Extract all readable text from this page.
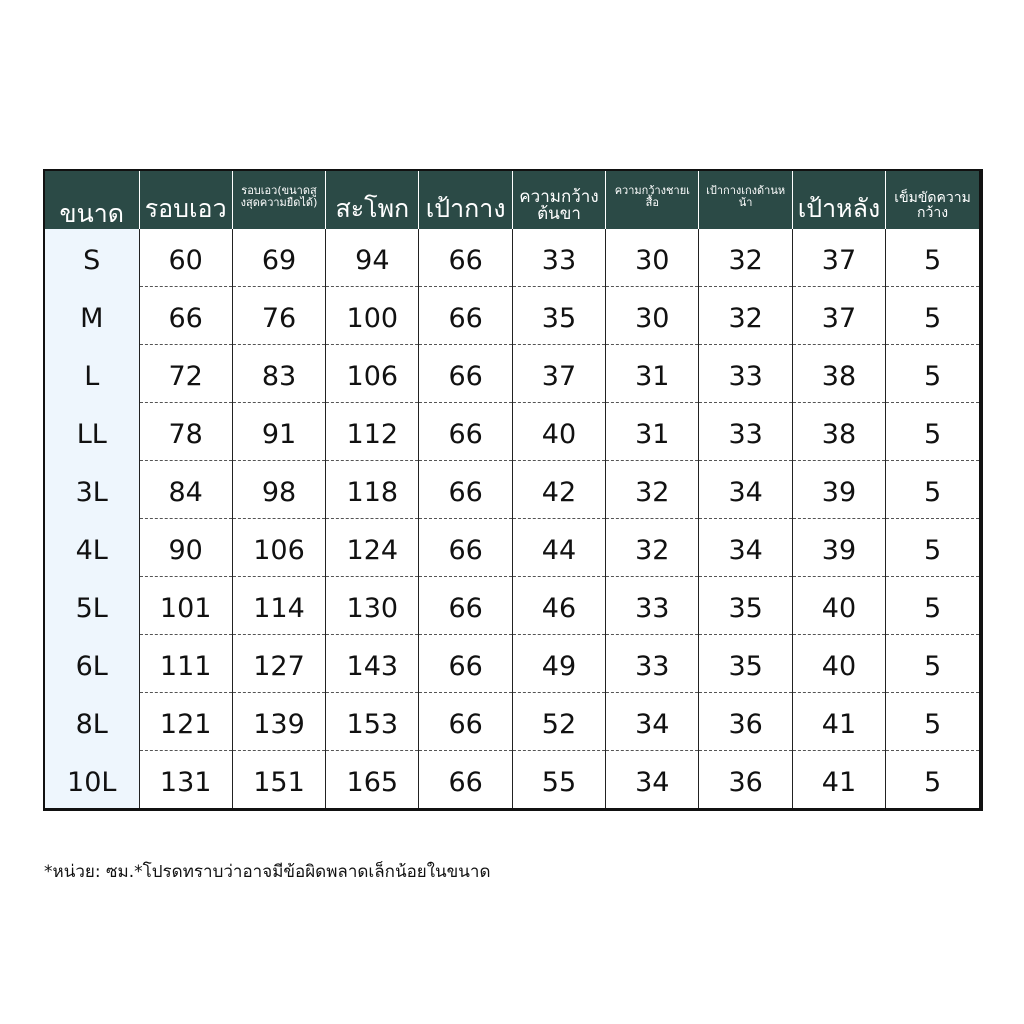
ขนาด	รอบเอว	รอบเอว(ขนาดสูงสุดความยืดได้)	สะโพก	เป้ากางเกง	ความกว้างต้นขา	ความกว้างชายเสื้อ	เป้ากางเกงด้านหน้า	เป้าหลัง	เข็มขัดความกว้าง

S	60	69	94	66	33	30	32	37	5
M	66	76	100	66	35	30	32	37	5
L	72	83	106	66	37	31	33	38	5
LL	78	91	112	66	40	31	33	38	5
3L	84	98	118	66	42	32	34	39	5
4L	90	106	124	66	44	32	34	39	5
5L	101	114	130	66	46	33	35	40	5
6L	111	127	143	66	49	33	35	40	5
8L	121	139	153	66	52	34	36	41	5
10L	131	151	165	66	55	34	36	41	5
*หน่วย: ซม.*โปรดทราบว่าอาจมีข้อผิดพลาดเล็กน้อยในขนาด
